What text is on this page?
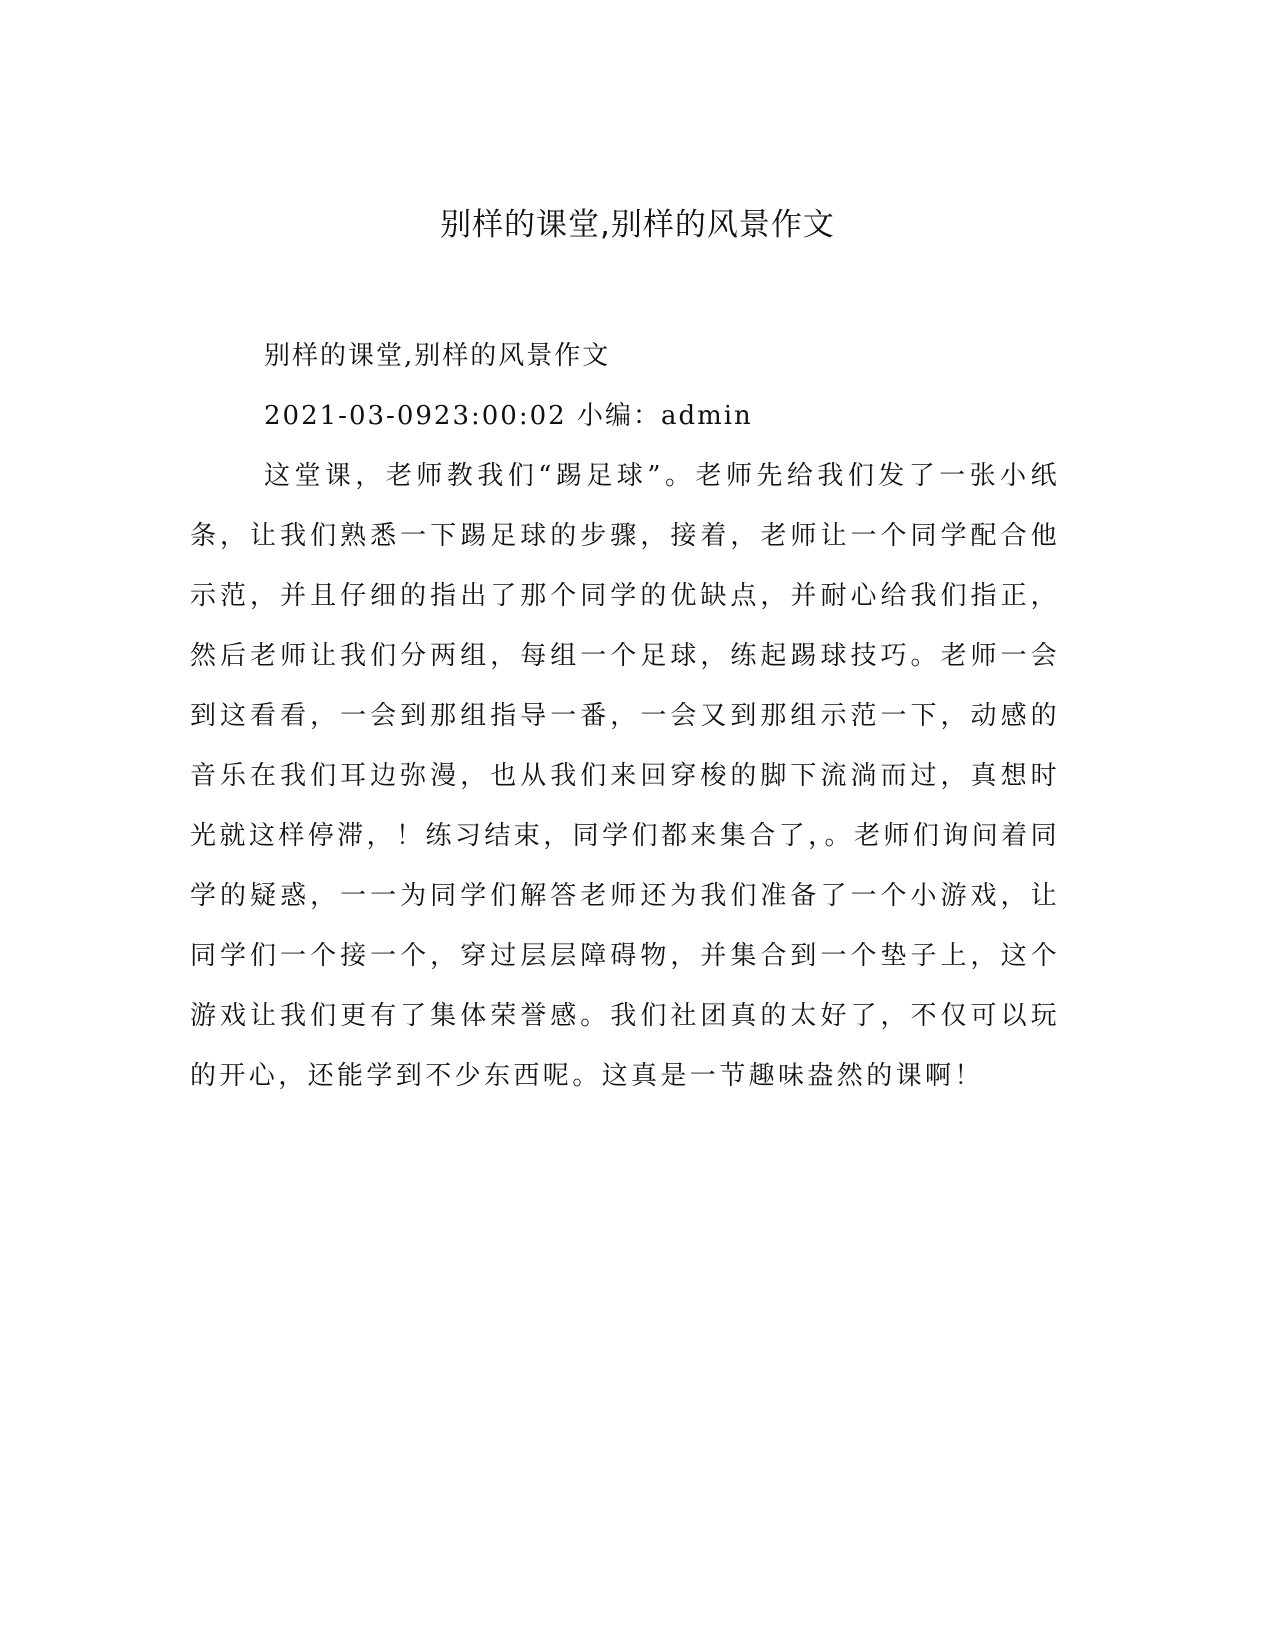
别样的课堂,别样的风景作文

别样的课堂,别样的风景作文

2021-03-0923:00:02 小编：admin

这堂课，老师教我们“踢足球”。老师先给我们发了一张小纸条，让我们熟悉一下踢足球的步骤，接着，老师让一个同学配合他示范，并且仔细的指出了那个同学的优缺点，并耐心给我们指正，然后老师让我们分两组，每组一个足球，练起踢球技巧。老师一会到这看看，一会到那组指导一番，一会又到那组示范一下，动感的音乐在我们耳边弥漫，也从我们来回穿梭的脚下流淌而过，真想时光就这样停滞，！练习结束，同学们都来集合了，。老师们询问着同学的疑惑，一一为同学们解答老师还为我们准备了一个小游戏，让同学们一个接一个，穿过层层障碍物，并集合到一个垫子上，这个游戏让我们更有了集体荣誉感。我们社团真的太好了，不仅可以玩的开心，还能学到不少东西呢。这真是一节趣味盎然的课啊！
